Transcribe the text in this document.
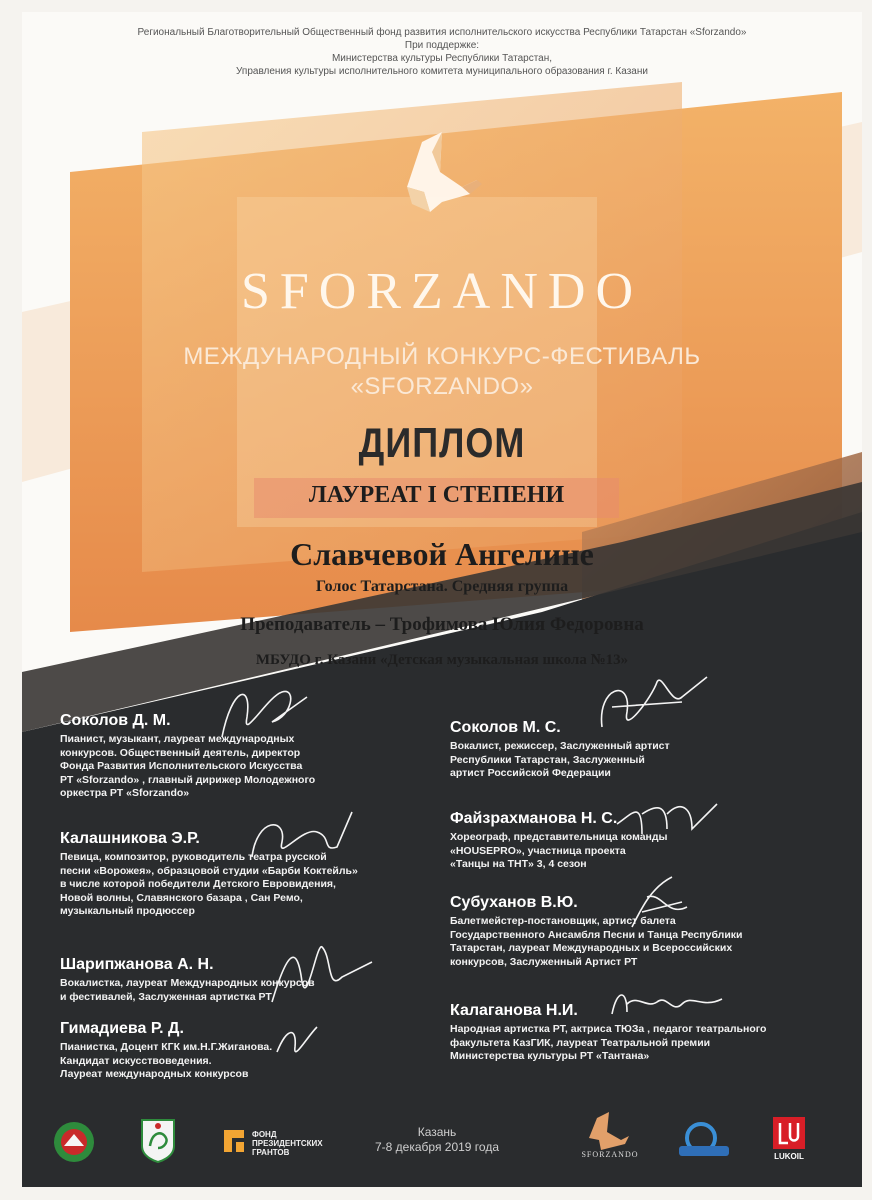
Региональный Благотворительный Общественный фонд развития исполнительского искусства Республики Татарстан «Sforzando»
При поддержке:
Министерства культуры Республики Татарстан,
Управления культуры исполнительного комитета муниципального образования г. Казани
SFORZANDO
МЕЖДУНАРОДНЫЙ КОНКУРС-ФЕСТИВАЛЬ
«SFORZANDO»
ДИПЛОМ
ЛАУРЕАТ I СТЕПЕНИ
Славчевой Ангелине
Голос Татарстана. Средняя группа
Преподаватель – Трофимова Юлия Федоровна
МБУДО г. Казани «Детская музыкальная школа №13»
Соколов Д. М.
Пианист, музыкант, лауреат международных
конкурсов. Общественный деятель, директор
Фонда Развития Исполнительского Искусства
РТ «Sforzando» , главный дирижер Молодежного
оркестра РТ «Sforzando»
Калашникова Э.Р.
Певица, композитор, руководитель театра русской
песни «Ворожея», образцовой студии «Барби Коктейль»
в числе которой победители Детского Евровидения,
Новой волны, Славянского базара , Сан Ремо,
музыкальный продюссер
Шарипжанова А. Н.
Вокалистка, лауреат Международных конкурсов
и фестивалей, Заслуженная артистка РТ
Гимадиева Р. Д.
Пианистка, Доцент КГК им.Н.Г.Жиганова.
Кандидат искусствоведения.
Лауреат международных конкурсов
Соколов М. С.
Вокалист, режиссер, Заслуженный артист
Республики Татарстан, Заслуженный
артист Российской Федерации
Файзрахманова Н. С.
Хореограф, представительница команды
«HOUSEPRO», участница проекта
«Танцы на ТНТ» 3, 4 сезон
Субуханов В.Ю.
Балетмейстер-постановщик, артист балета
Государственного Ансамбля Песни и Танца Республики
Татарстан, лауреат Международных и Всероссийских
конкурсов, Заслуженный Артист РТ
Калаганова Н.И.
Народная артистка РТ, актриса ТЮЗа , педагог театрального
факультета КазГИК, лауреат Театральной премии
Министерства культуры РТ «Тантана»
ФОНД
ПРЕЗИДЕНТСКИХ
ГРАНТОВ
Казань
7-8 декабря 2019 года
SFORZANDO	LUKOIL
